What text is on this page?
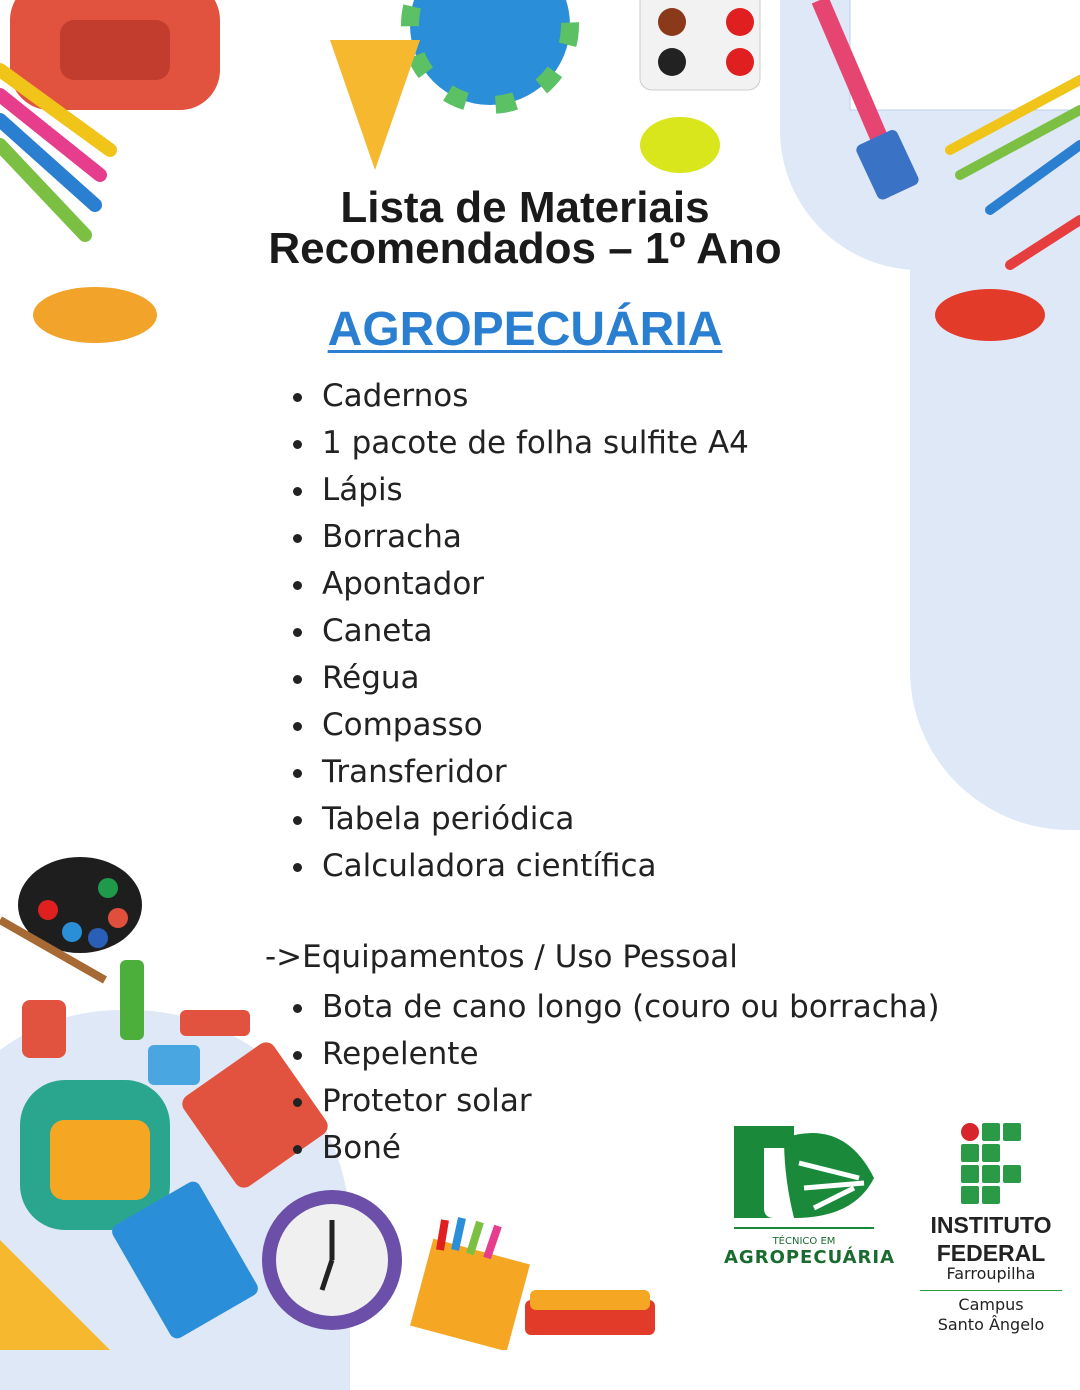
Lista de Materiais
Recomendados – 1º Ano
AGROPECUÁRIA
Cadernos
1 pacote de folha sulfite A4
Lápis
Borracha
Apontador
Caneta
Régua
Compasso
Transferidor
Tabela periódica
Calculadora científica
->Equipamentos / Uso Pessoal
Bota de cano longo (couro ou borracha)
Repelente
Protetor solar
Boné
TÉCNICO EM
AGROPECUÁRIA
INSTITUTO
FEDERAL
Farroupilha
Campus
Santo Ângelo
